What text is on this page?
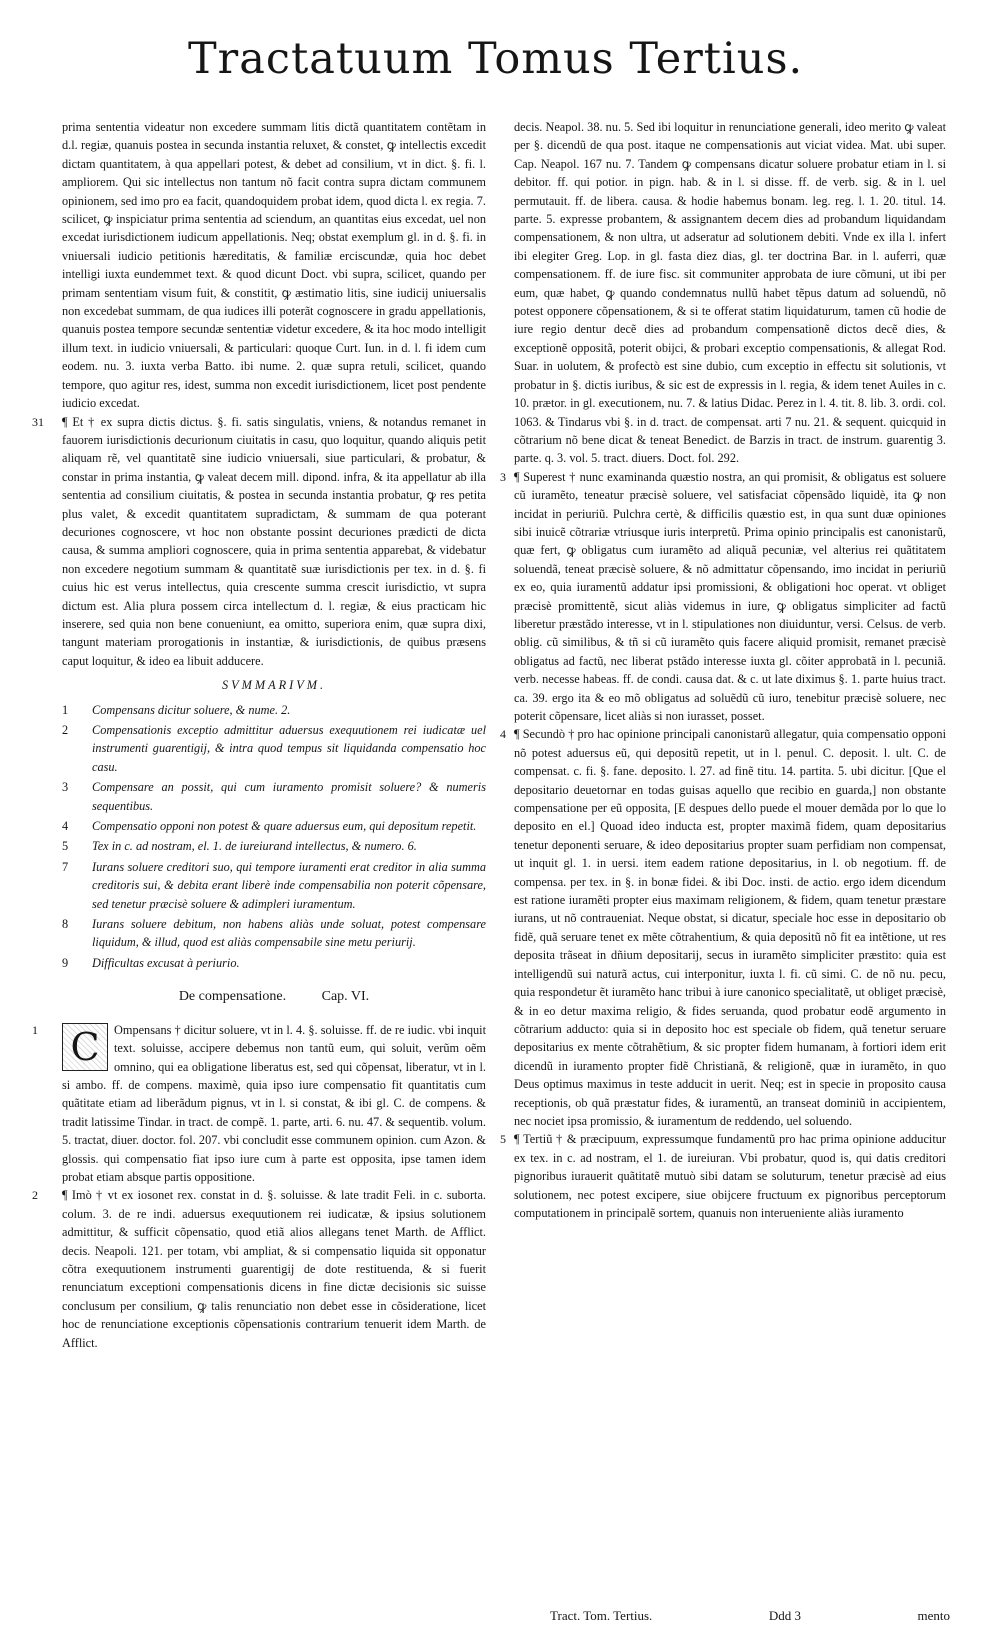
Tractatuum Tomus Tertius.

prima sententia videatur non excedere summam litis dictã quantitatem contẽtam in d.l. regiæ, quanuis postea in secunda instantia reluxet, & constet, ꝙ intellectis excedit dictam quantitatem, à qua appellari potest, & debet ad consilium, vt in dict. §. fi. l. ampliorem. Qui sic intellectus non tantum nõ facit contra supra dictam communem opinionem, sed imo pro ea facit, quandoquidem probat idem, quod dicta l. ex regia. 7. scilicet, ꝙ inspiciatur prima sententia ad sciendum, an quantitas eius excedat, uel non excedat iurisdictionem iudicum appellationis. Neq; obstat exemplum gl. in d. §. fi. in vniuersali iudicio petitionis hæreditatis, & familiæ erciscundæ, quia hoc debet intelligi iuxta eundemmet text. & quod dicunt Doct. vbi supra, scilicet, quando per primam sententiam visum fuit, & constitit, ꝙ æstimatio litis, sine iudicij uniuersalis non excedebat summam, de qua iudices illi poterãt cognoscere in gradu appellationis, quanuis postea tempore secundæ sententiæ videtur excedere, & ita hoc modo intelligit illum text. in iudicio vniuersali, & particulari: quoque Curt. Iun. in d. l. fi idem cum eodem. nu. 3. iuxta verba Batto. ibi nume. 2. quæ supra retuli, scilicet, quando tempore, quo agitur res, idest, summa non excedit iurisdictionem, licet post pendente iudicio excedat.

31 ¶ Et † ex supra dictis dictus. §. fi. satis singulatis, vniens, & notandus remanet in fauorem iurisdictionis decurionum ciuitatis in casu, quo loquitur, quando aliquis petit aliquam rẽ, vel quantitatẽ sine iudicio vniuersali, siue particulari, & probatur, & constar in prima instantia, ꝙ valeat decem mill. dipond. infra, & ita appellatur ab illa sententia ad consilium ciuitatis, & postea in secunda instantia probatur, ꝙ res petita plus valet, & excedit quantitatem supradictam, & summam de qua poterant decuriones cognoscere, vt hoc non obstante possint decuriones prædicti de dicta causa, & summa ampliori cognoscere, quia in prima sententia apparebat, & videbatur non excedere negotium summam & quantitatẽ suæ iurisdictionis per tex. in d. §. fi cuius hic est verus intellectus, quia crescente summa crescit iurisdictio, vt supra dictum est. Alia plura possem circa intellectum d. l. regiæ, & eius practicam hic inserere, sed quia non bene conueniunt, ea omitto, superiora enim, quæ supra dixi, tangunt materiam prorogationis in instantiæ, & iurisdictionis, de quibus præsens caput loquitur, & ideo ea libuit adducere.

SVMMARIVM.
1	Compensans dicitur soluere, & nume. 2.
2	Compensationis exceptio admittitur aduersus exequutionem rei iudicatæ uel instrumenti guarentigij, & intra quod tempus sit liquidanda compensatio hoc casu.
3	Compensare an possit, qui cum iuramento promisit soluere? & numeris sequentibus.
4	Compensatio opponi non potest & quare aduersus eum, qui depositum repetit.
5	Tex in c. ad nostram, el. 1. de iureiurand intellectus, & numero. 6.
7	Iurans soluere creditori suo, qui tempore iuramenti erat creditor in alia summa creditoris sui, & debita erant liberè inde compensabilia non poterit cõpensare, sed tenetur præcisè soluere & adimpleri iuramentum.
8	Iurans soluere debitum, non habens aliàs unde soluat, potest compensare liquidum, & illud, quod est aliàs compensabile sine metu periurij.
9	Difficultas excusat à periurio.
De compensatione.	Cap. VI.
1 C	Ompensans † dicitur soluere, vt in l. 4. §. soluisse. ff. de re iudic. vbi inquit text. soluisse, accipere debemus non tantũ eum, qui soluit, verũm oẽm omnino, qui ea obligatione liberatus est, sed qui cõpensat, liberatur, vt in l. si ambo. ff. de compens. maximè, quia ipso iure compensatio fit quantitatis cum quãtitate etiam ad liberãdum pignus, vt in l. si constat, & ibi gl. C. de compens. & tradit latissime Tindar. in tract. de compẽ. 1. parte, arti. 6. nu. 47. & sequentib. volum. 5. tractat, diuer. doctor. fol. 207. vbi concludit esse communem opinion. cum Azon. & glossis. qui compensatio fiat ipso iure cum à parte est opposita, ipse tamen idem probat etiam absque partis oppositione.

2 ¶ Imò † vt ex iosonet rex. constat in d. §. soluisse. & late tradit Feli. in c. suborta. colum. 3. de re indi. aduersus exequutionem rei iudicatæ, & ipsius solutionem admittitur, & sufficit cõpensatio, quod etiã alios allegans tenet Marth. de Afflict. decis. Neapoli. 121. per totam, vbi ampliat, & si compensatio liquida sit opponatur cõtra exequutionem instrumenti guarentigij de dote restituenda, & si fuerit renunciatum exceptioni compensationis dicens in fine dictæ decisionis sic suisse conclusum per consilium, ꝙ talis renunciatio non debet esse in cõsideratione, licet hoc de renunciatione exceptionis cõpensationis contrarium tenuerit idem Marth. de Afflict.

decis. Neapol. 38. nu. 5. Sed ibi loquitur in renunciatione generali, ideo merito ꝙ valeat per §. dicendũ de qua post. itaque ne compensationis aut viciat videa. Mat. ubi super. Cap. Neapol. 167 nu. 7. Tandem ꝙ compensans dicatur soluere probatur etiam in l. si debitor. ff. qui potior. in pign. hab. & in l. si disse. ff. de verb. sig. & in l. uel permutauit. ff. de libera. causa. & hodie habemus bonam. leg. reg. l. 1. 20. titul. 14. parte. 5. expresse probantem, & assignantem decem dies ad probandum liquidandam compensationem, & non ultra, ut adseratur ad solutionem debiti. Vnde ex illa l. infert ibi elegiter Greg. Lop. in gl. fasta diez dias, gl. ter doctrina Bar. in l. auferri, quæ compensationem. ff. de iure fisc. sit communiter approbata de iure cõmuni, ut ibi per eum, quæ habet, ꝙ quando condemnatus nullũ habet tẽpus datum ad soluendũ, nõ potest opponere cõpensationem, & si te offerat statim liquidaturum, tamen cũ hodie de iure regio dentur decẽ dies ad probandum compensationẽ dictos decẽ dies, & exceptionẽ oppositã, poterit obijci, & probari exceptio compensationis, & allegat Rod. Suar. in uolutem, & profectò est sine dubio, cum exceptio in effectu sit solutionis, vt probatur in §. dictis iuribus, & sic est de expressis in l. regia, & idem tenet Auiles in c. 10. prætor. in gl. executionem, nu. 7. & latius Didac. Perez in l. 4. tit. 8. lib. 3. ordi. col. 1063. & Tindarus vbi §. in d. tract. de compensat. arti 7 nu. 21. & sequent. quicquid in cõtrarium nõ bene dicat & teneat Benedict. de Barzis in tract. de instrum. guarentig 3. parte. q. 3. vol. 5. tract. diuers. Doct. fol. 292.

3 ¶ Superest † nunc examinanda quæstio nostra, an qui promisit, & obligatus est soluere cũ iuramẽto, teneatur præcisè soluere, vel satisfaciat cõpensãdo liquidè, ita ꝙ non incidat in periuriũ. Pulchra certè, & difficilis quæstio est, in qua sunt duæ opiniones sibi inuicẽ cõtrariæ vtriusque iuris interpretũ. Prima opinio principalis est canonistarũ, quæ fert, ꝙ obligatus cum iuramẽto ad aliquã pecuniæ, vel alterius rei quãtitatem soluendã, teneat præcisè soluere, & nõ admittatur cõpensando, imo incidat in periuriũ ex eo, quia iuramentũ addatur ipsi promissioni, & obligationi hoc operat. vt obliget præcisè promittentẽ, sicut aliàs videmus in iure, ꝙ obligatus simpliciter ad factũ liberetur præstãdo interesse, vt in l. stipulationes non diuiduntur, versi. Celsus. de verb. oblig. cũ similibus, & tñ si cũ iuramẽto quis facere aliquid promisit, remanet præcisè obligatus ad factũ, nec liberat pstãdo interesse iuxta gl. cõiter approbatã in l. pecuniã. verb. necesse habeas. ff. de condi. causa dat. & c. ut late diximus §. 1. parte huius tract. ca. 39. ergo ita & eo mõ obligatus ad soluẽdũ cũ iuro, tenebitur præcisè soluere, nec poterit cõpensare, licet aliàs si non iurasset, posset.

4 ¶ Secundò † pro hac opinione principali canonistarũ allegatur, quia compensatio opponi nõ potest aduersus eũ, qui depositũ repetit, ut in l. penul. C. deposit. l. ult. C. de compensat. c. fi. §. fane. deposito. l. 27. ad finẽ titu. 14. partita. 5. ubi dicitur. [Que el depositario deuetornar en todas guisas aquello que recibio en guarda,] non obstante compensatione per eũ opposita, [E despues dello puede el mouer demãda por lo que lo deposito en el.] Quoad ideo inducta est, propter maximã fidem, quam depositarius tenetur deponenti seruare, & ideo depositarius propter suam perfidiam non compensat, ut inquit gl. 1. in uersi. item eadem ratione depositarius, in l. ob negotium. ff. de compensa. per tex. in §. in bonæ fidei. & ibi Doc. insti. de actio. ergo idem dicendum est ratione iuramẽti propter eius maximam religionem, & fidem, quam tenetur præstare iurans, ut nõ contraueniat. Neque obstat, si dicatur, speciale hoc esse in depositario ob fidẽ, quã seruare tenet ex mẽte cõtrahentium, & quia depositũ nõ fit ea intẽtione, ut res deposita trãseat in dñium depositarij, secus in iuramẽto simpliciter præstito: quia est intelligendũ sui naturã actus, cui interponitur, iuxta l. fi. cũ simi. C. de nõ nu. pecu, quia respondetur ẽt iuramẽto hanc tribui à iure canonico specialitatẽ, ut obliget præcisè, & in eo detur maxima religio, & fides seruanda, quod probatur eodẽ argumento in cõtrarium adducto: quia si in deposito hoc est speciale ob fidem, quã tenetur seruare depositarius ex mente cõtrahẽtium, & sic propter fidem humanam, à fortiori idem erit dicendũ in iuramento propter fidẽ Christianã, & religionẽ, quæ in iuramẽto, in quo Deus optimus maximus in teste adducit in uerit. Neq; est in specie in proposito causa receptionis, ob quã præstatur fides, & iuramentũ, an transeat dominiũ in accipientem, nec nociet ipsa promissio, & iuramentum de reddendo, uel soluendo.

5 ¶ Tertiũ † & præcipuum, expressumque fundamentũ pro hac prima opinione adducitur ex tex. in c. ad nostram, el 1. de iureiuran. Vbi probatur, quod is, qui datis creditori pignoribus iurauerit quãtitatẽ mutuò sibi datam se soluturum, tenetur præcisè ad eius solutionem, nec potest excipere, siue obijcere fructuum ex pignoribus perceptorum computationem in principalẽ sortem, quanuis non interueniente aliàs iuramento

Tract. Tom. Tertius.	Ddd 3	mento
